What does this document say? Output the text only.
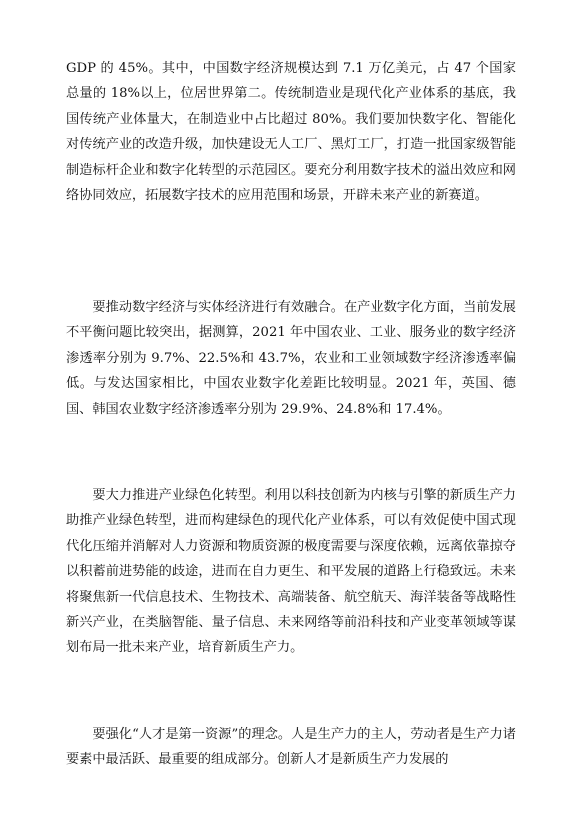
GDP 的 45%。其中，中国数字经济规模达到 7.1 万亿美元，占 47 个国家总量的 18%以上，位居世界第二。传统制造业是现代化产业体系的基底，我国传统产业体量大，在制造业中占比超过 80%。我们要加快数字化、智能化对传统产业的改造升级，加快建设无人工厂、黑灯工厂，打造一批国家级智能制造标杆企业和数字化转型的示范园区。要充分利用数字技术的溢出效应和网络协同效应，拓展数字技术的应用范围和场景，开辟未来产业的新赛道。

要推动数字经济与实体经济进行有效融合。在产业数字化方面，当前发展不平衡问题比较突出，据测算，2021 年中国农业、工业、服务业的数字经济渗透率分别为 9.7%、22.5%和 43.7%，农业和工业领域数字经济渗透率偏低。与发达国家相比，中国农业数字化差距比较明显。2021 年，英国、德国、韩国农业数字经济渗透率分别为 29.9%、24.8%和 17.4%。

要大力推进产业绿色化转型。利用以科技创新为内核与引擎的新质生产力助推产业绿色转型，进而构建绿色的现代化产业体系，可以有效促使中国式现代化压缩并消解对人力资源和物质资源的极度需要与深度依赖，远离依靠掠夺以积蓄前进势能的歧途，进而在自力更生、和平发展的道路上行稳致远。未来将聚焦新一代信息技术、生物技术、高端装备、航空航天、海洋装备等战略性新兴产业，在类脑智能、量子信息、未来网络等前沿科技和产业变革领域等谋划布局一批未来产业，培育新质生产力。

要强化“人才是第一资源”的理念。人是生产力的主人，劳动者是生产力诸要素中最活跃、最重要的组成部分。创新人才是新质生产力发展的
